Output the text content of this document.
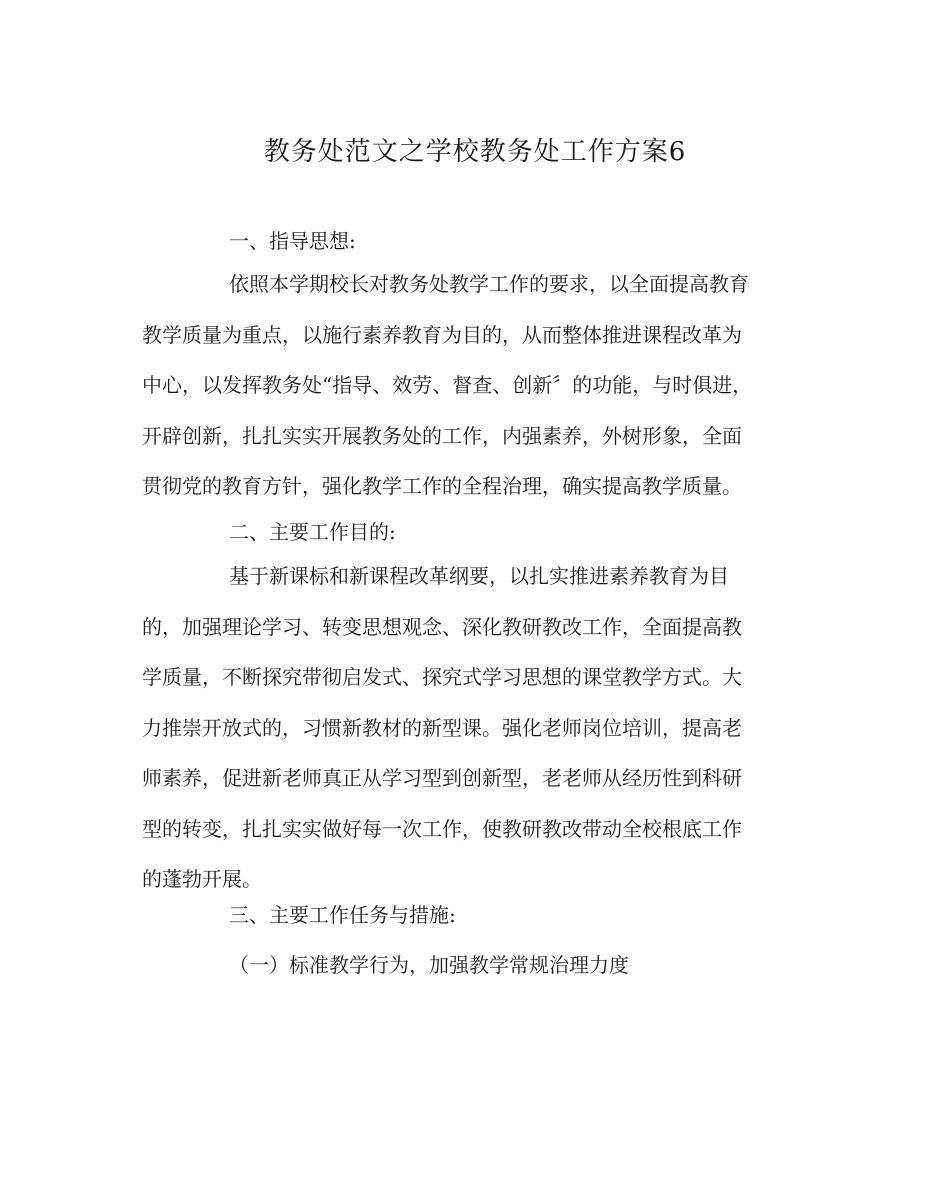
教务处范文之学校教务处工作方案6

一、指导思想:

依照本学期校长对教务处教学工作的要求，以全面提高教育
教学质量为重点，以施行素养教育为目的，从而整体推进课程改革为
中心，以发挥教务处“指导、效劳、督查、创新〞的功能，与时俱进，
开辟创新，扎扎实实开展教务处的工作，内强素养，外树形象，全面
贯彻党的教育方针，强化教学工作的全程治理，确实提高教学质量。

二、主要工作目的:

基于新课标和新课程改革纲要，以扎实推进素养教育为目
的，加强理论学习、转变思想观念、深化教研教改工作，全面提高教
学质量，不断探究带彻启发式、探究式学习思想的课堂教学方式。大
力推崇开放式的，习惯新教材的新型课。强化老师岗位培训，提高老
师素养，促进新老师真正从学习型到创新型，老老师从经历性到科研
型的转变，扎扎实实做好每一次工作，使教研教改带动全校根底工作
的蓬勃开展。

三、主要工作任务与措施:

（一）标准教学行为，加强教学常规治理力度
